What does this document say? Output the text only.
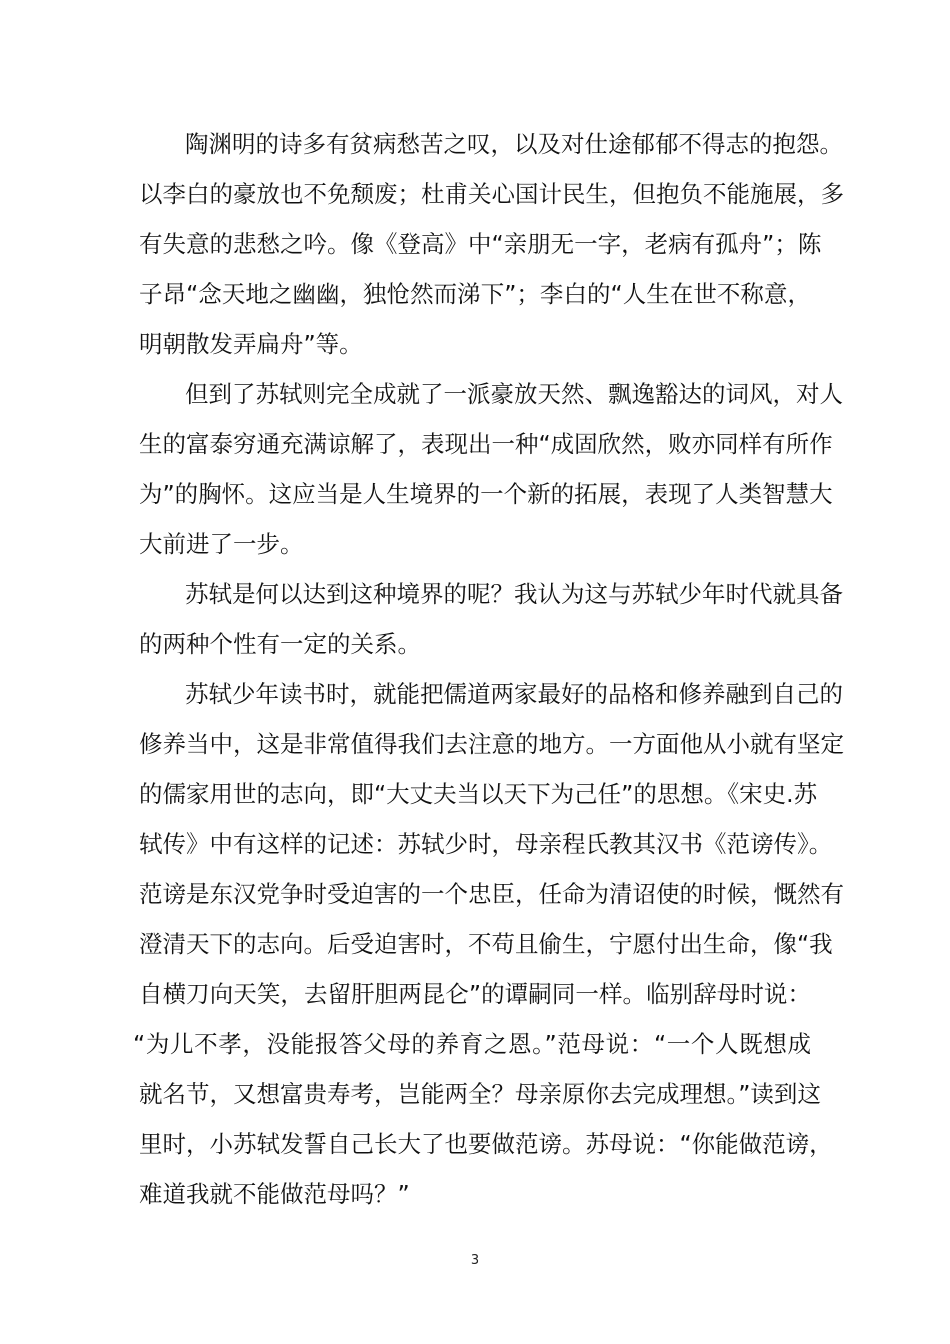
陶渊明的诗多有贫病愁苦之叹，以及对仕途郁郁不得志的抱怨。
以李白的豪放也不免颓废；杜甫关心国计民生，但抱负不能施展，多
有失意的悲愁之吟。像《登高》中“亲朋无一字，老病有孤舟”；陈
子昂“念天地之幽幽，独怆然而涕下”；李白的“人生在世不称意，
明朝散发弄扁舟”等。
但到了苏轼则完全成就了一派豪放天然、飘逸豁达的词风，对人
生的富泰穷通充满谅解了，表现出一种“成固欣然，败亦同样有所作
为”的胸怀。这应当是人生境界的一个新的拓展，表现了人类智慧大
大前进了一步。
苏轼是何以达到这种境界的呢？我认为这与苏轼少年时代就具备
的两种个性有一定的关系。
苏轼少年读书时，就能把儒道两家最好的品格和修养融到自己的
修养当中，这是非常值得我们去注意的地方。一方面他从小就有坚定
的儒家用世的志向，即“大丈夫当以天下为己任”的思想。《宋史.苏
轼传》中有这样的记述：苏轼少时，母亲程氏教其汉书《范谤传》。
范谤是东汉党争时受迫害的一个忠臣，任命为清诏使的时候，慨然有
澄清天下的志向。后受迫害时，不苟且偷生，宁愿付出生命，像“我
自横刀向天笑，去留肝胆两昆仑”的谭嗣同一样。临别辞母时说：
“为儿不孝，没能报答父母的养育之恩。”范母说：“一个人既想成
就名节，又想富贵寿考，岂能两全？母亲原你去完成理想。”读到这
里时，小苏轼发誓自己长大了也要做范谤。苏母说：“你能做范谤，
难道我就不能做范母吗？”
3
